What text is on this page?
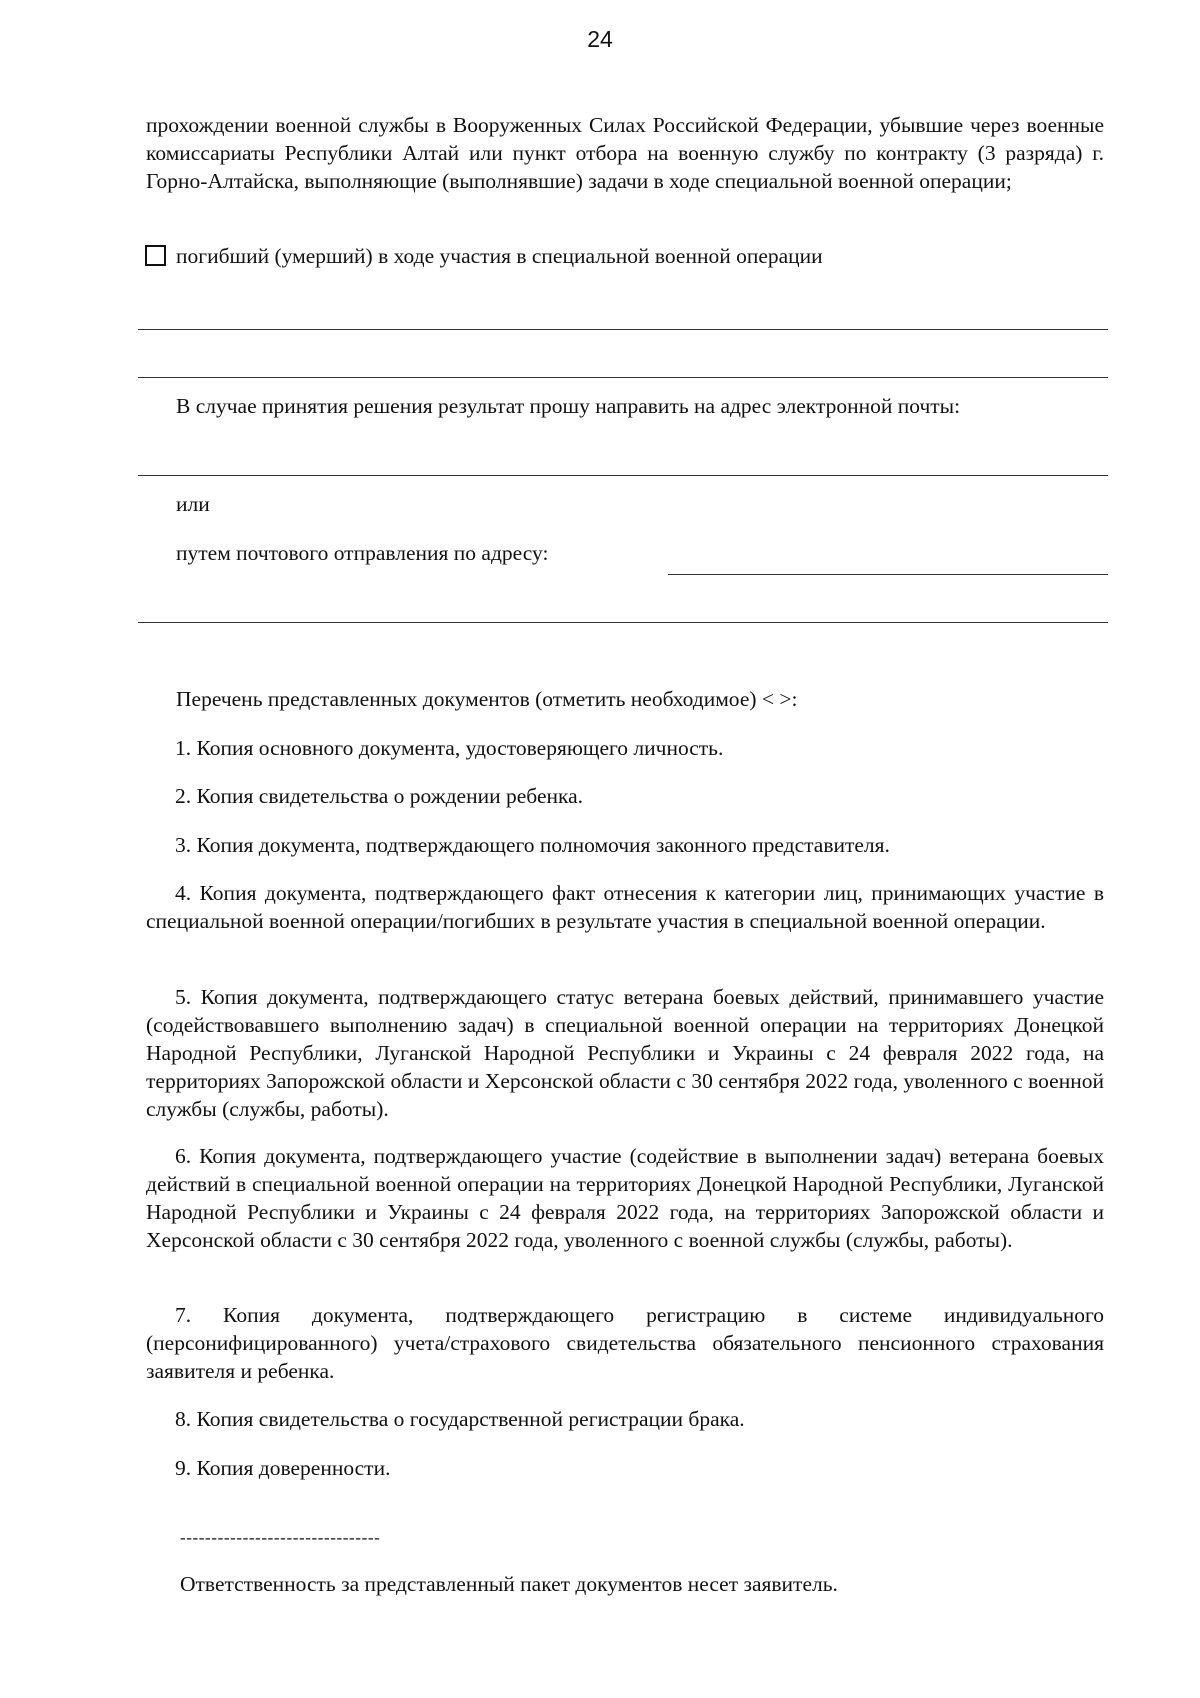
24
прохождении военной службы в Вооруженных Силах Российской Федерации, убывшие через военные комиссариаты Республики Алтай или пункт отбора на военную службу по контракту (3 разряда) г. Горно-Алтайска, выполняющие (выполнявшие) задачи в ходе специальной военной операции;
погибший (умерший) в ходе участия в специальной военной операции
В случае принятия решения результат прошу направить на адрес электронной почты:
или
путем почтового отправления по адресу:
Перечень представленных документов (отметить необходимое) < >:
1. Копия основного документа, удостоверяющего личность.
2. Копия свидетельства о рождении ребенка.
3. Копия документа, подтверждающего полномочия законного представителя.
4. Копия документа, подтверждающего факт отнесения к категории лиц, принимающих участие в специальной военной операции/погибших в результате участия в специальной военной операции.
5. Копия документа, подтверждающего статус ветерана боевых действий, принимавшего участие (содействовавшего выполнению задач) в специальной военной операции на территориях Донецкой Народной Республики, Луганской Народной Республики и Украины с 24 февраля 2022 года, на территориях Запорожской области и Херсонской области с 30 сентября 2022 года, уволенного с военной службы (службы, работы).
6. Копия документа, подтверждающего участие (содействие в выполнении задач) ветерана боевых действий в специальной военной операции на территориях Донецкой Народной Республики, Луганской Народной Республики и Украины с 24 февраля 2022 года, на территориях Запорожской области и Херсонской области с 30 сентября 2022 года, уволенного с военной службы (службы, работы).
7. Копия документа, подтверждающего регистрацию в системе индивидуального (персонифицированного) учета/страхового свидетельства обязательного пенсионного страхования заявителя и ребенка.
8. Копия свидетельства о государственной регистрации брака.
9. Копия доверенности.
--------------------------------
Ответственность за представленный пакет документов несет заявитель.
